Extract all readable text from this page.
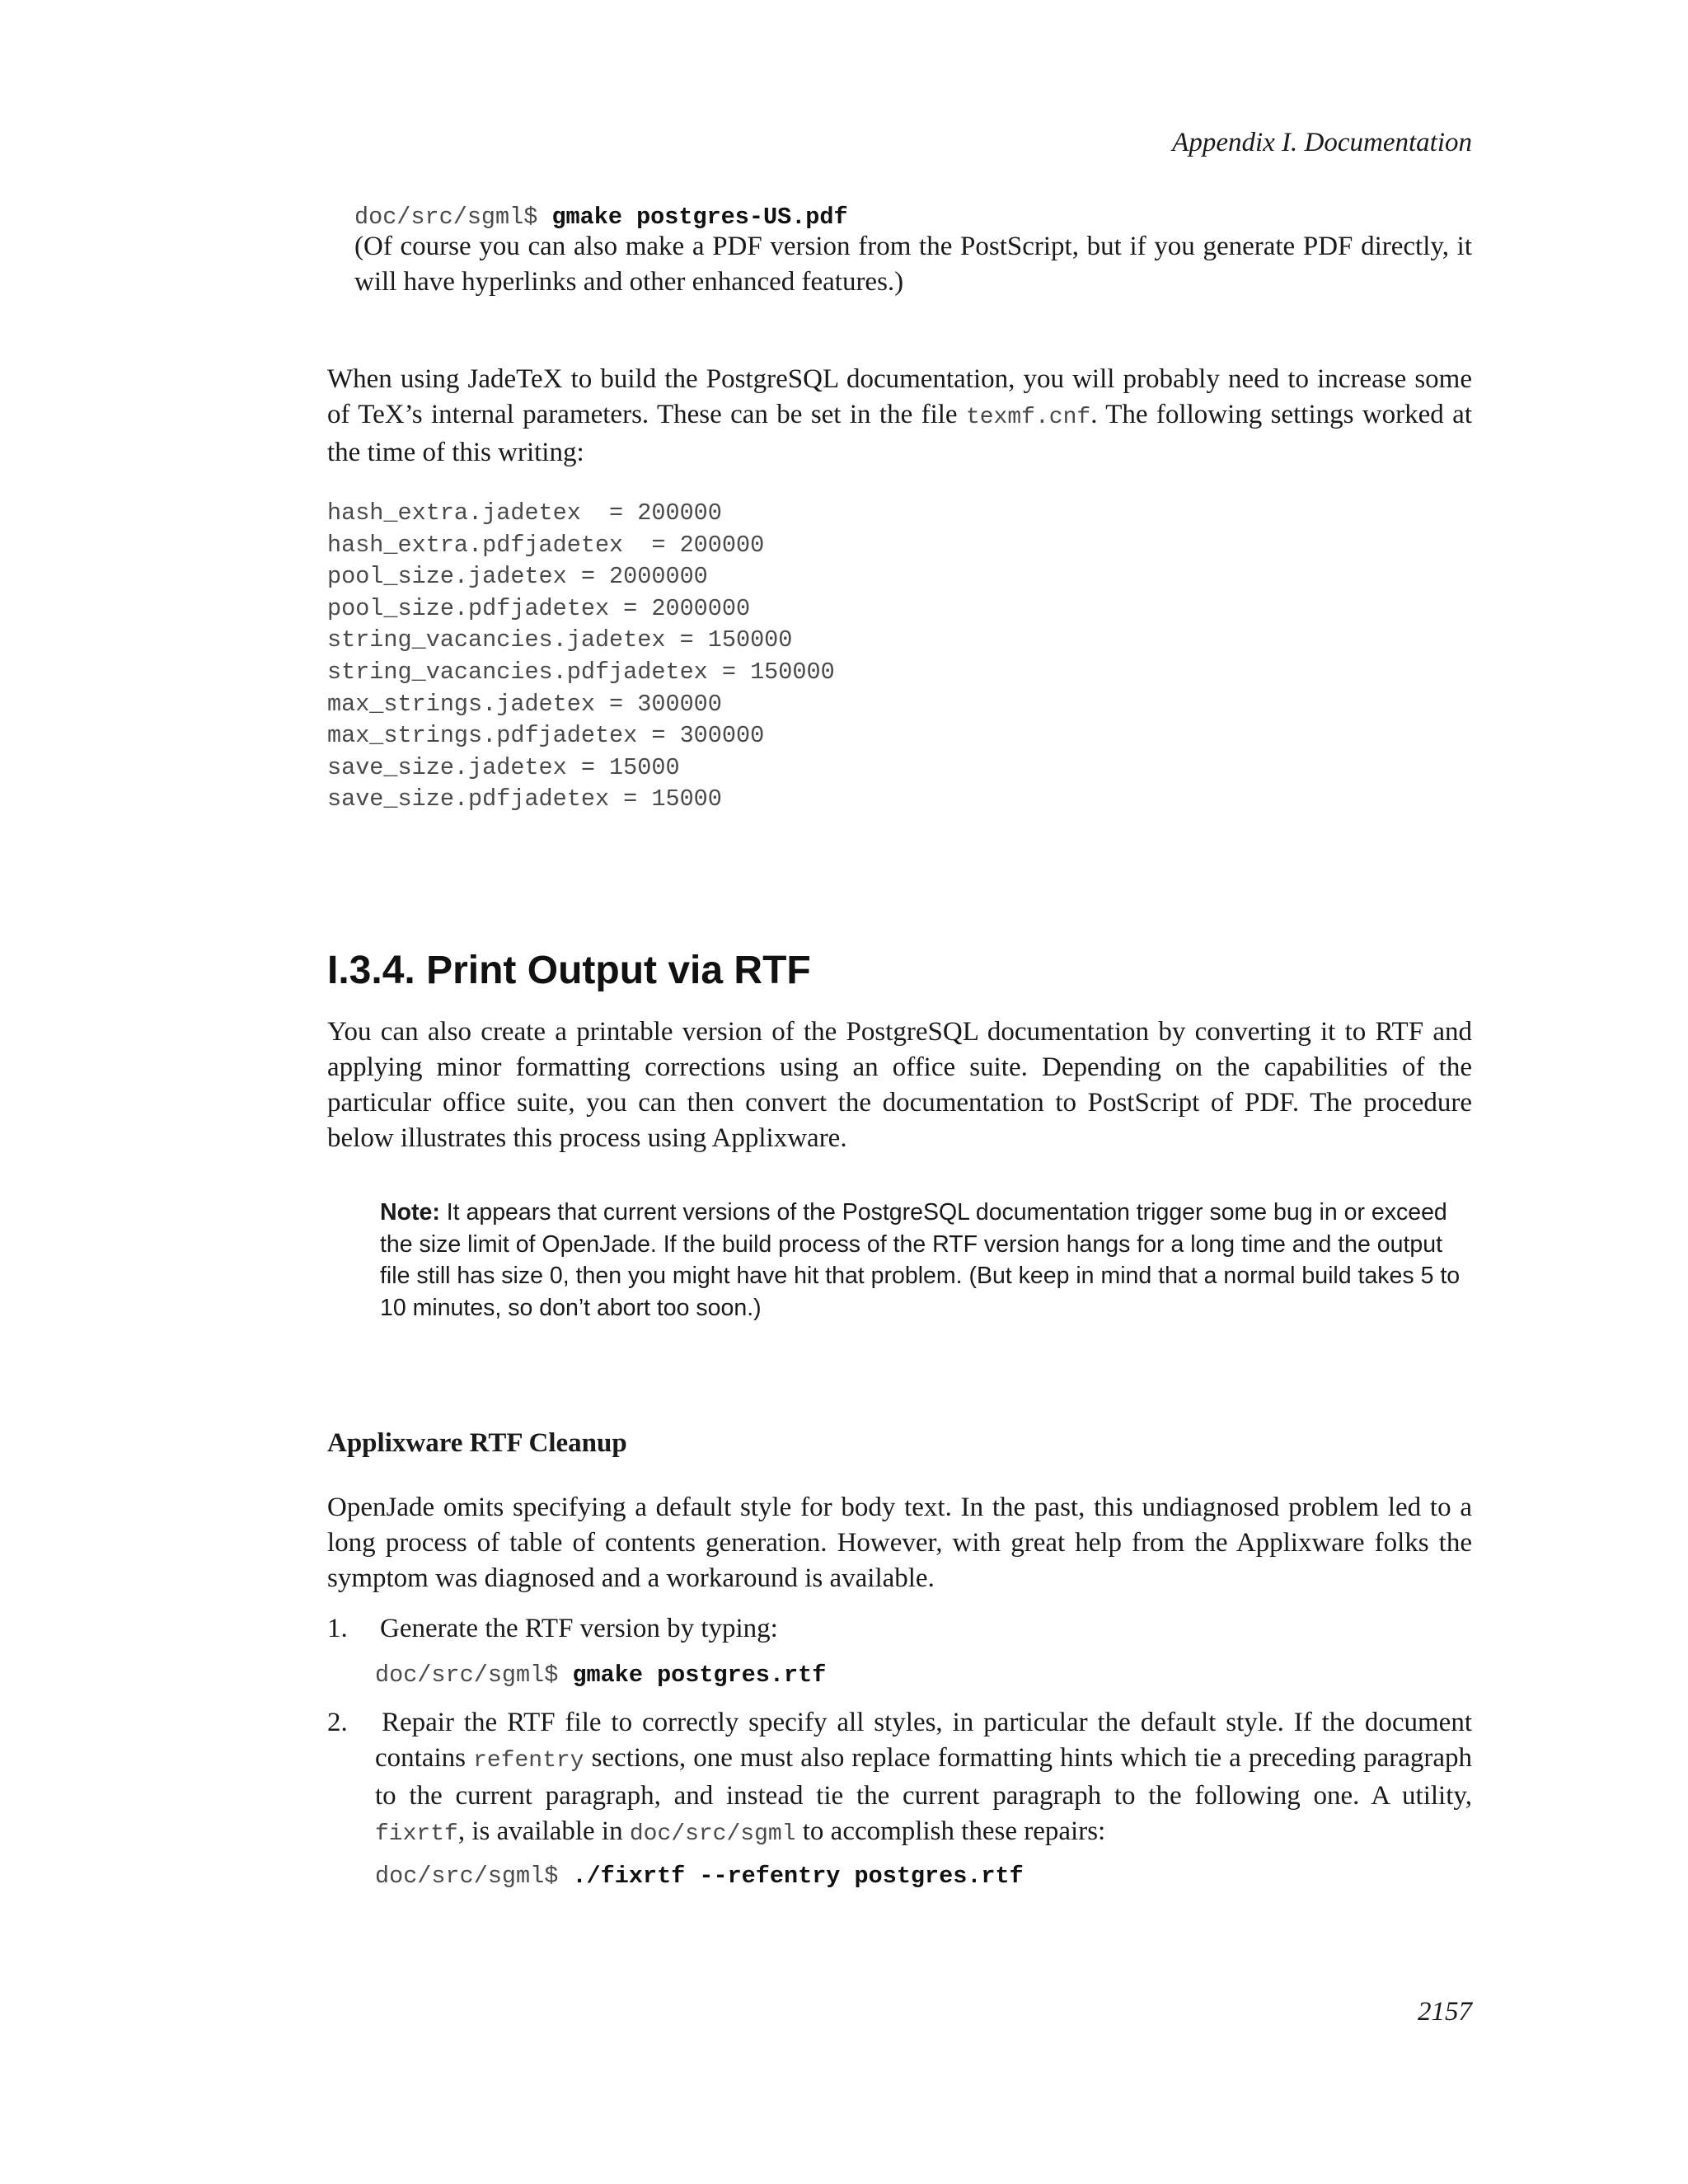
Appendix I. Documentation
doc/src/sgml$ gmake postgres-US.pdf
(Of course you can also make a PDF version from the PostScript, but if you generate PDF directly, it will have hyperlinks and other enhanced features.)
When using JadeTeX to build the PostgreSQL documentation, you will probably need to increase some of TeX’s internal parameters. These can be set in the file texmf.cnf. The following settings worked at the time of this writing:
hash_extra.jadetex  = 200000
hash_extra.pdfjadetex  = 200000
pool_size.jadetex = 2000000
pool_size.pdfjadetex = 2000000
string_vacancies.jadetex = 150000
string_vacancies.pdfjadetex = 150000
max_strings.jadetex = 300000
max_strings.pdfjadetex = 300000
save_size.jadetex = 15000
save_size.pdfjadetex = 15000
I.3.4. Print Output via RTF
You can also create a printable version of the PostgreSQL documentation by converting it to RTF and applying minor formatting corrections using an office suite. Depending on the capabilities of the particular office suite, you can then convert the documentation to PostScript of PDF. The procedure below illustrates this process using Applixware.
Note: It appears that current versions of the PostgreSQL documentation trigger some bug in or exceed the size limit of OpenJade. If the build process of the RTF version hangs for a long time and the output file still has size 0, then you might have hit that problem. (But keep in mind that a normal build takes 5 to 10 minutes, so don’t abort too soon.)
Applixware RTF Cleanup
OpenJade omits specifying a default style for body text. In the past, this undiagnosed problem led to a long process of table of contents generation. However, with great help from the Applixware folks the symptom was diagnosed and a workaround is available.
1. Generate the RTF version by typing:
doc/src/sgml$ gmake postgres.rtf
2. Repair the RTF file to correctly specify all styles, in particular the default style. If the document contains refentry sections, one must also replace formatting hints which tie a preceding paragraph to the current paragraph, and instead tie the current paragraph to the following one. A utility, fixrtf, is available in doc/src/sgml to accomplish these repairs:
doc/src/sgml$ ./fixrtf --refentry postgres.rtf
2157
